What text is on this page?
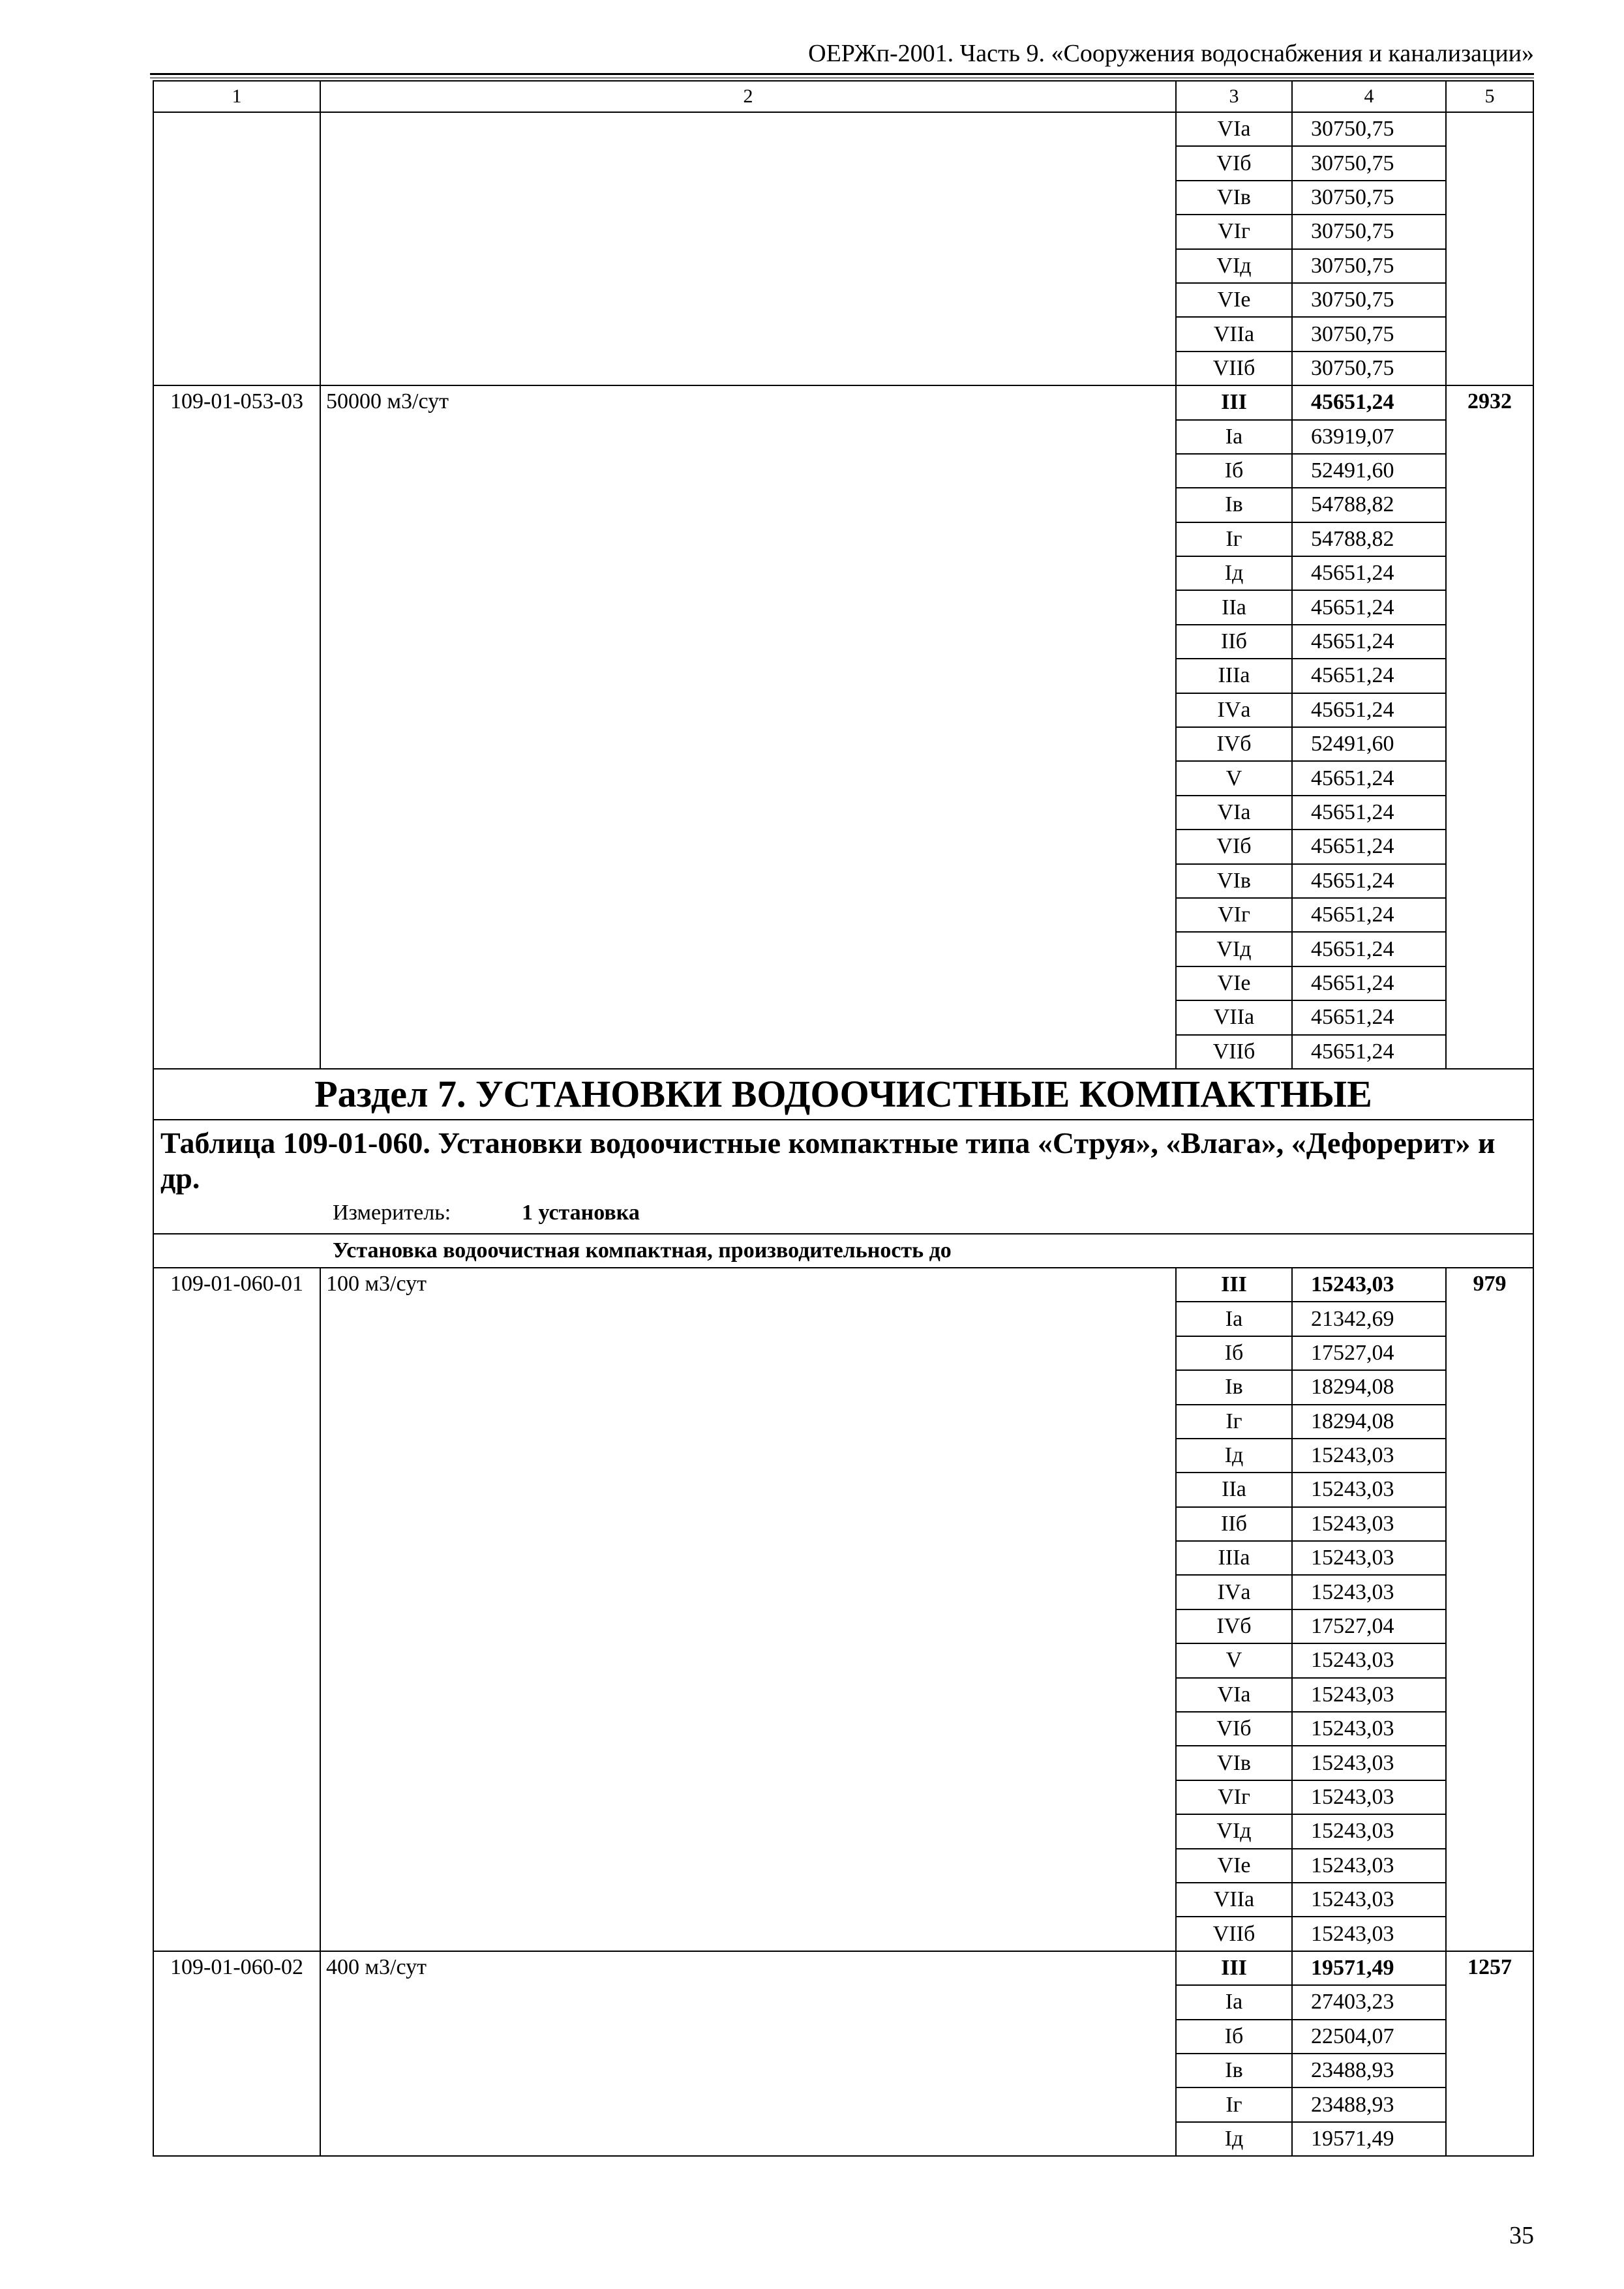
ОЕРЖп-2001. Часть 9. «Сооружения водоснабжения и канализации»
1	2	3	4	5
		VIа	30750,75	
		VIб	30750,75	
		VIв	30750,75	
		VIг	30750,75	
		VIд	30750,75	
		VIе	30750,75	
		VIIа	30750,75	
		VIIб	30750,75	
109-01-053-03	50000 м3/сут	III	45651,24	2932
		Iа	63919,07	
		Iб	52491,60	
		Iв	54788,82	
		Iг	54788,82	
		Iд	45651,24	
		IIа	45651,24	
		IIб	45651,24	
		IIIа	45651,24	
		IVа	45651,24	
		IVб	52491,60	
		V	45651,24	
		VIа	45651,24	
		VIб	45651,24	
		VIв	45651,24	
		VIг	45651,24	
		VIд	45651,24	
		VIе	45651,24	
		VIIа	45651,24	
		VIIб	45651,24	
Раздел 7. УСТАНОВКИ ВОДООЧИСТНЫЕ КОМПАКТНЫЕ				

Таблица 109-01-060. Установки водоочистные компактные типа «Струя», «Влага», «Дефорерит» и др.
Измеритель: 1 установка				

Установка водоочистная компактная, производительность до				
109-01-060-01	100 м3/сут	III	15243,03	979
		Iа	21342,69	
		Iб	17527,04	
		Iв	18294,08	
		Iг	18294,08	
		Iд	15243,03	
		IIа	15243,03	
		IIб	15243,03	
		IIIа	15243,03	
		IVа	15243,03	
		IVб	17527,04	
		V	15243,03	
		VIа	15243,03	
		VIб	15243,03	
		VIв	15243,03	
		VIг	15243,03	
		VIд	15243,03	
		VIе	15243,03	
		VIIа	15243,03	
		VIIб	15243,03	
109-01-060-02	400 м3/сут	III	19571,49	1257
		Iа	27403,23	
		Iб	22504,07	
		Iв	23488,93	
		Iг	23488,93	
		Iд	19571,49	
35
